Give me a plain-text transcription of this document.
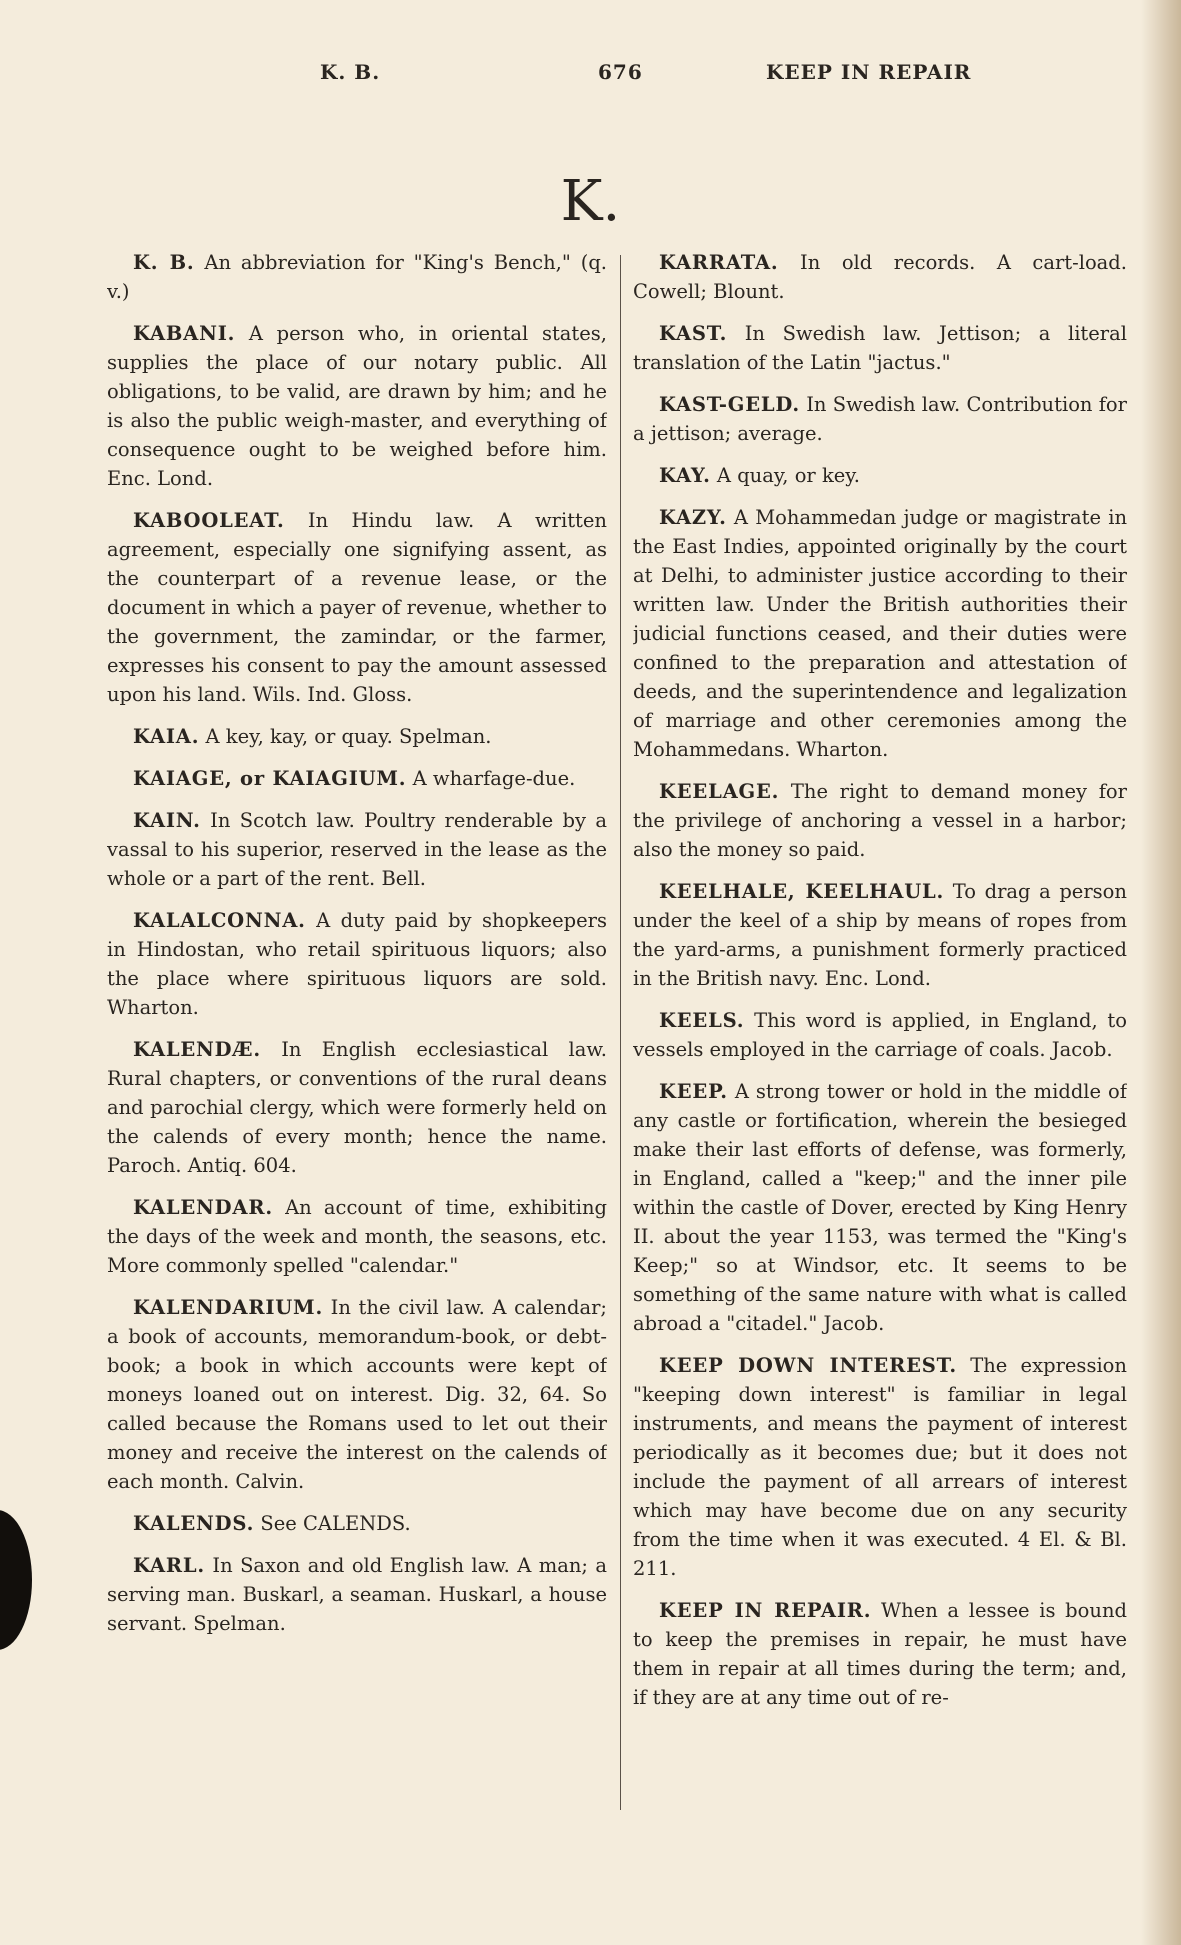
K. B.	676	KEEP IN REPAIR
K.

K. B. An abbreviation for "King's Bench," (q. v.)

KABANI. A person who, in oriental states, supplies the place of our notary public. All obligations, to be valid, are drawn by him; and he is also the public weigh-master, and everything of consequence ought to be weighed before him. Enc. Lond.

KABOOLEAT. In Hindu law. A written agreement, especially one signifying assent, as the counterpart of a revenue lease, or the document in which a payer of revenue, whether to the government, the zamindar, or the farmer, expresses his consent to pay the amount assessed upon his land. Wils. Ind. Gloss.

KAIA. A key, kay, or quay. Spelman.

KAIAGE, or KAIAGIUM. A wharfage-due.

KAIN. In Scotch law. Poultry renderable by a vassal to his superior, reserved in the lease as the whole or a part of the rent. Bell.

KALALCONNA. A duty paid by shopkeepers in Hindostan, who retail spirituous liquors; also the place where spirituous liquors are sold. Wharton.

KALENDÆ. In English ecclesiastical law. Rural chapters, or conventions of the rural deans and parochial clergy, which were formerly held on the calends of every month; hence the name. Paroch. Antiq. 604.

KALENDAR. An account of time, exhibiting the days of the week and month, the seasons, etc. More commonly spelled "calendar."

KALENDARIUM. In the civil law. A calendar; a book of accounts, memorandum-book, or debt-book; a book in which accounts were kept of moneys loaned out on interest. Dig. 32, 64. So called because the Romans used to let out their money and receive the interest on the calends of each month. Calvin.

KALENDS. See CALENDS.

KARL. In Saxon and old English law. A man; a serving man. Buskarl, a seaman. Huskarl, a house servant. Spelman.

KARRATA. In old records. A cart-load. Cowell; Blount.

KAST. In Swedish law. Jettison; a literal translation of the Latin "jactus."

KAST-GELD. In Swedish law. Contribution for a jettison; average.

KAY. A quay, or key.

KAZY. A Mohammedan judge or magistrate in the East Indies, appointed originally by the court at Delhi, to administer justice according to their written law. Under the British authorities their judicial functions ceased, and their duties were confined to the preparation and attestation of deeds, and the superintendence and legalization of marriage and other ceremonies among the Mohammedans. Wharton.

KEELAGE. The right to demand money for the privilege of anchoring a vessel in a harbor; also the money so paid.

KEELHALE, KEELHAUL. To drag a person under the keel of a ship by means of ropes from the yard-arms, a punishment formerly practiced in the British navy. Enc. Lond.

KEELS. This word is applied, in England, to vessels employed in the carriage of coals. Jacob.

KEEP. A strong tower or hold in the middle of any castle or fortification, wherein the besieged make their last efforts of defense, was formerly, in England, called a "keep;" and the inner pile within the castle of Dover, erected by King Henry II. about the year 1153, was termed the "King's Keep;" so at Windsor, etc. It seems to be something of the same nature with what is called abroad a "citadel." Jacob.

KEEP DOWN INTEREST. The expression "keeping down interest" is familiar in legal instruments, and means the payment of interest periodically as it becomes due; but it does not include the payment of all arrears of interest which may have become due on any security from the time when it was executed. 4 El. & Bl. 211.

KEEP IN REPAIR. When a lessee is bound to keep the premises in repair, he must have them in repair at all times during the term; and, if they are at any time out of re-
